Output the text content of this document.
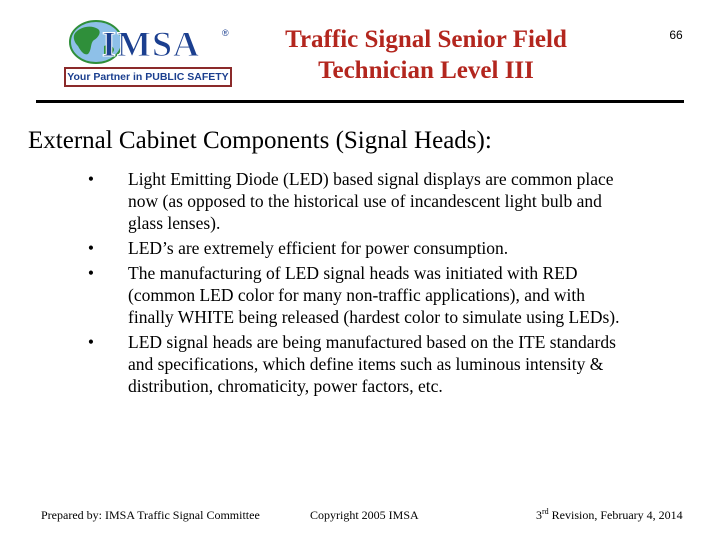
IMSA ®
Your Partner in PUBLIC SAFETY
Traffic Signal Senior Field
Technician Level III
66
External Cabinet Components (Signal Heads):
• Light Emitting Diode (LED) based signal displays are common place now (as opposed to the historical use of incandescent light bulb and glass lenses).
• LED’s are extremely efficient for power consumption.
• The manufacturing of LED signal heads was initiated with RED (common LED color for many non-traffic applications), and with finally WHITE being released (hardest color to simulate using LEDs).
• LED signal heads are being manufactured based on the ITE standards and specifications, which define items such as luminous intensity & distribution, chromaticity, power factors, etc.
Prepared by: IMSA Traffic Signal Committee	Copyright 2005 IMSA	3rd Revision, February 4, 2014
